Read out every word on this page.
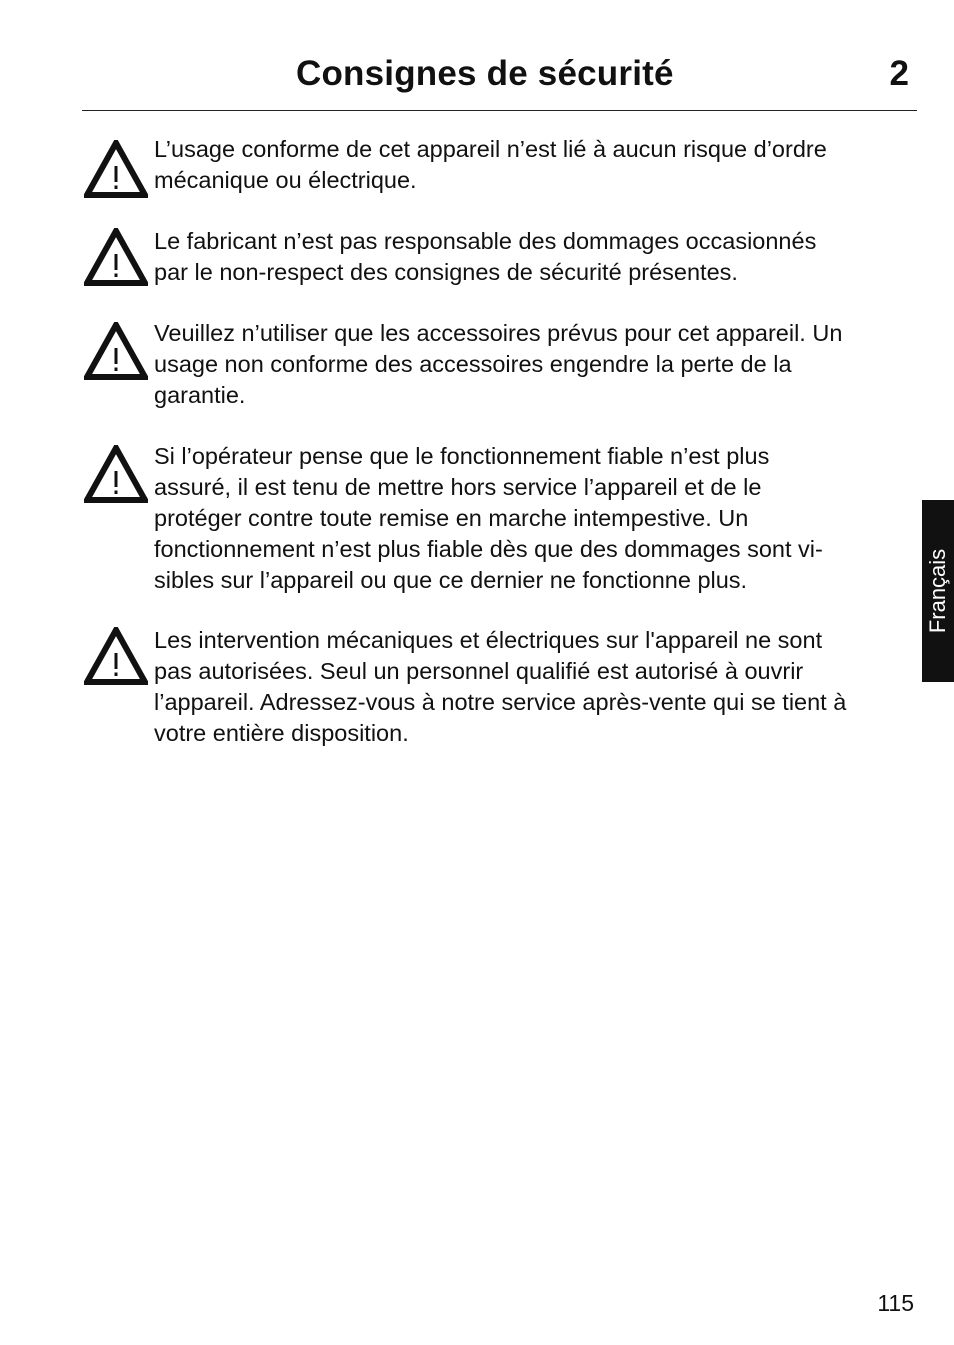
Consignes de sécurité	2
L’usage conforme de cet appareil n’est lié à aucun risque d’ordre
mécanique ou électrique.
Le fabricant n’est pas responsable des dommages occasionnés
par le non-respect des consignes de sécurité présentes.
Veuillez n’utiliser que les accessoires prévus pour cet appareil. Un
usage non conforme des accessoires engendre la perte de la
garantie.
Si l’opérateur pense que le fonctionnement fiable n’est plus
assuré, il est tenu de mettre hors service l’appareil et de le
protéger contre toute remise en marche intempestive. Un
fonctionnement n’est plus fiable dès que des dommages sont vi-
sibles sur l’appareil ou que ce dernier ne fonctionne plus.
Les intervention mécaniques et électriques sur l'appareil ne sont
pas autorisées. Seul un personnel qualifié est autorisé à ouvrir
l’appareil. Adressez-vous à notre service après-vente qui se tient à
votre entière disposition.
Français
115
